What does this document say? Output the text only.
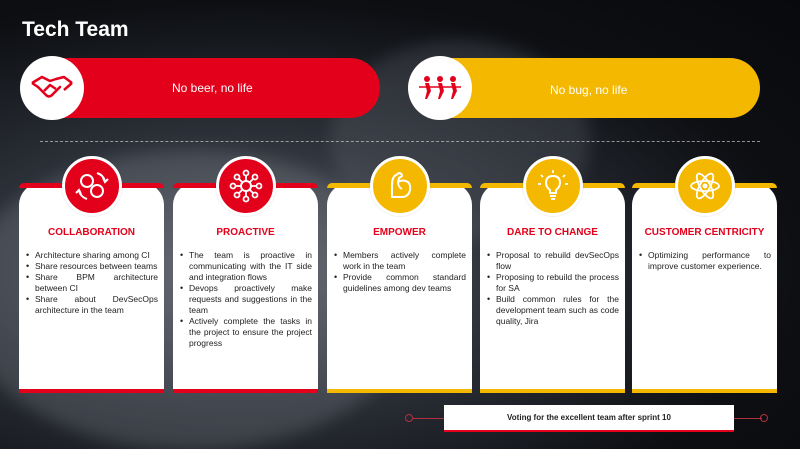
Tech Team
No beer, no life	No bug, no life
COLLABORATION
• Architecture sharing among CI
• Share resources between teams
• Share BPM architecture between CI
• Share about DevSecOps architecture in the team
PROACTIVE
• The team is proactive in communicating with the IT side and integration flows
• Devops proactively make requests and suggestions in the team
• Actively complete the tasks in the project to ensure the project progress
EMPOWER
• Members actively complete work in the team
• Provide common standard guidelines among dev teams
DARE TO CHANGE
• Proposal to rebuild devSecOps flow
• Proposing to rebuild the process for SA
• Build common rules for the development team such as code quality, Jira
CUSTOMER CENTRICITY
• Optimizing performance to improve customer experience.
Voting for the excellent team after sprint 10
